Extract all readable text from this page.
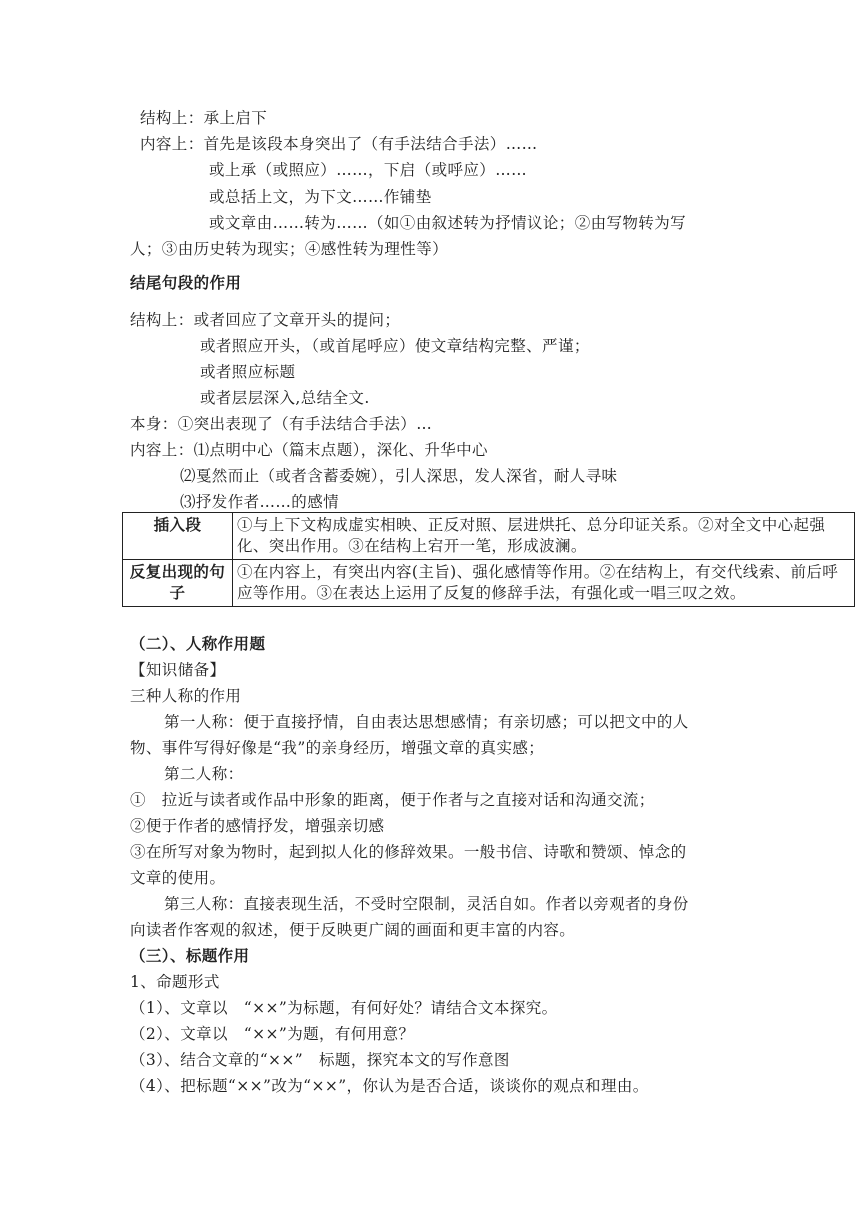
结构上：承上启下
内容上：首先是该段本身突出了（有手法结合手法）……
或上承（或照应）……，下启（或呼应）……
或总括上文，为下文……作铺垫
或文章由……转为……（如①由叙述转为抒情议论；②由写物转为写
人；③由历史转为现实；④感性转为理性等）
结尾句段的作用
结构上：或者回应了文章开头的提问；
或者照应开头，（或首尾呼应）使文章结构完整、严谨；
或者照应标题
或者层层深入,总结全文.
本身：①突出表现了（有手法结合手法）…
内容上：⑴点明中心（篇末点题），深化、升华中心
⑵戛然而止（或者含蓄委婉），引人深思，发人深省，耐人寻味
⑶抒发作者……的感情
插入段	①与上下文构成虚实相映、正反对照、层进烘托、总分印证关系。②对全文中心起强化、突出作用。③在结构上宕开一笔，形成波澜。
反复出现的句子	①在内容上，有突出内容(主旨)、强化感情等作用。②在结构上，有交代线索、前后呼应等作用。③在表达上运用了反复的修辞手法，有强化或一唱三叹之效。
（二）、人称作用题
【知识储备】
三种人称的作用
第一人称：便于直接抒情，自由表达思想感情；有亲切感；可以把文中的人
物、事件写得好像是“我”的亲身经历，增强文章的真实感；
第二人称：
①　拉近与读者或作品中形象的距离，便于作者与之直接对话和沟通交流；
②便于作者的感情抒发，增强亲切感
③在所写对象为物时，起到拟人化的修辞效果。一般书信、诗歌和赞颂、悼念的
文章的使用。
第三人称：直接表现生活，不受时空限制，灵活自如。作者以旁观者的身份
向读者作客观的叙述，便于反映更广阔的画面和更丰富的内容。
（三）、标题作用
1、命题形式
（1）、文章以　“××”为标题，有何好处？请结合文本探究。
（2）、文章以　“××”为题，有何用意？
（3）、结合文章的“××”　标题，探究本文的写作意图
（4）、把标题“××”改为“××”，你认为是否合适，谈谈你的观点和理由。
